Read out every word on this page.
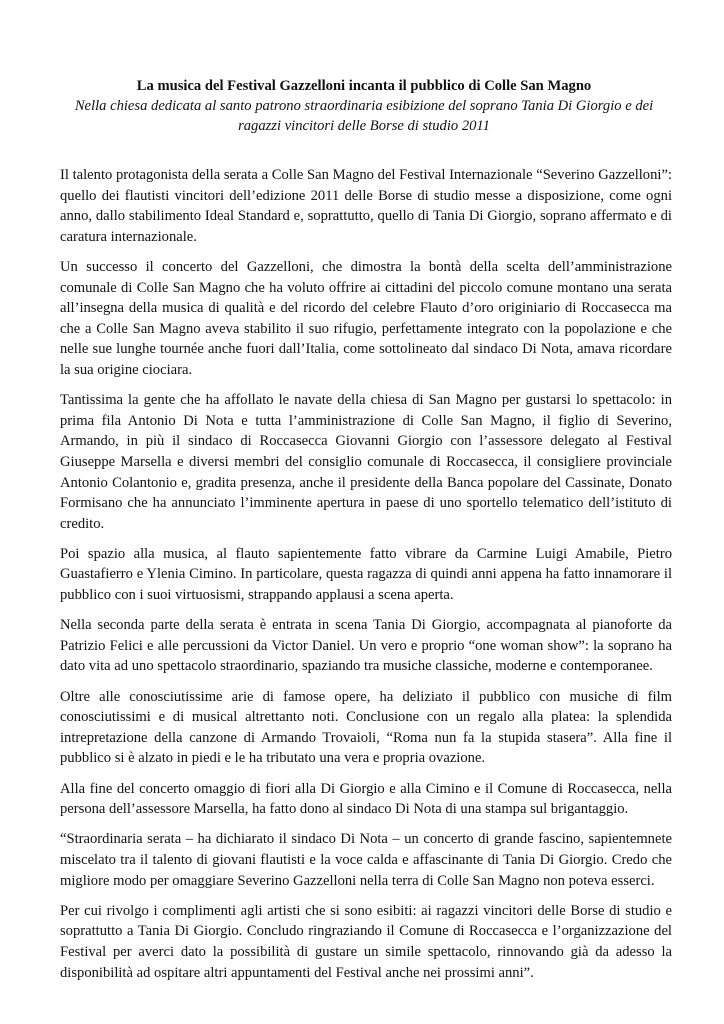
La musica del Festival Gazzelloni incanta il pubblico di Colle San Magno

Nella chiesa dedicata al santo patrono straordinaria esibizione del soprano Tania Di Giorgio e dei ragazzi vincitori delle Borse di studio 2011

Il talento protagonista della serata a Colle San Magno del Festival Internazionale “Severino Gazzelloni”: quello dei flautisti vincitori dell’edizione 2011 delle Borse di studio messe a disposizione, come ogni anno, dallo stabilimento Ideal Standard e, soprattutto, quello di Tania Di Giorgio, soprano affermato e di caratura internazionale.

Un successo il concerto del Gazzelloni, che dimostra la bontà della scelta dell’amministrazione comunale di Colle San Magno che ha voluto offrire ai cittadini del piccolo comune montano una serata all’insegna della musica di qualità e del ricordo del celebre Flauto d’oro originiario di Roccasecca ma che a Colle San Magno aveva stabilito il suo rifugio, perfettamente integrato con la popolazione e che nelle sue lunghe tournée anche fuori dall’Italia, come sottolineato dal sindaco Di Nota, amava ricordare la sua origine ciociara.

Tantissima la gente che ha affollato le navate della chiesa di San Magno per gustarsi lo spettacolo: in prima fila Antonio Di Nota e tutta l’amministrazione di Colle San Magno, il figlio di Severino, Armando, in più il sindaco di Roccasecca Giovanni Giorgio con l’assessore delegato al Festival Giuseppe Marsella e diversi membri del consiglio comunale di Roccasecca, il consigliere provinciale Antonio Colantonio e, gradita presenza, anche il presidente della Banca popolare del Cassinate, Donato Formisano che ha annunciato l’imminente apertura in paese di uno sportello telematico dell’istituto di credito.

Poi spazio alla musica, al flauto sapientemente fatto vibrare da Carmine Luigi Amabile, Pietro Guastafierro e Ylenia Cimino. In particolare, questa ragazza di quindi anni appena ha fatto innamorare il pubblico con i suoi virtuosismi, strappando applausi a scena aperta.

Nella seconda parte della serata è entrata in scena Tania Di Giorgio, accompagnata al pianoforte da Patrizio Felici e alle percussioni da Victor Daniel. Un vero e proprio “one woman show”: la soprano ha dato vita ad uno spettacolo straordinario, spaziando tra musiche classiche, moderne e contemporanee.

Oltre alle conosciutissime arie di famose opere, ha deliziato il pubblico con musiche di film conosciutissimi e di musical altrettanto noti. Conclusione con un regalo alla platea: la splendida intrepretazione della canzone di Armando Trovaioli, “Roma nun fa la stupida stasera”. Alla fine il pubblico si è alzato in piedi e le ha tributato una vera e propria ovazione.

Alla fine del concerto omaggio di fiori alla Di Giorgio e alla Cimino e il Comune di Roccasecca, nella persona dell’assessore Marsella, ha fatto dono al sindaco Di Nota di una stampa sul brigantaggio.

“Straordinaria serata – ha dichiarato il sindaco Di Nota – un concerto di grande fascino, sapientemnete miscelato tra il talento di giovani flautisti e la voce calda e affascinante di Tania Di Giorgio. Credo che migliore modo per omaggiare Severino Gazzelloni nella terra di Colle San Magno non poteva esserci.

Per cui rivolgo i complimenti agli artisti che si sono esibiti: ai ragazzi vincitori delle Borse di studio e soprattutto a Tania Di Giorgio. Concludo ringraziando il Comune di Roccasecca e l’organizzazione del Festival per averci dato la possibilità di gustare un simile spettacolo, rinnovando già da adesso la disponibilità ad ospitare altri appuntamenti del Festival anche nei prossimi anni”.
